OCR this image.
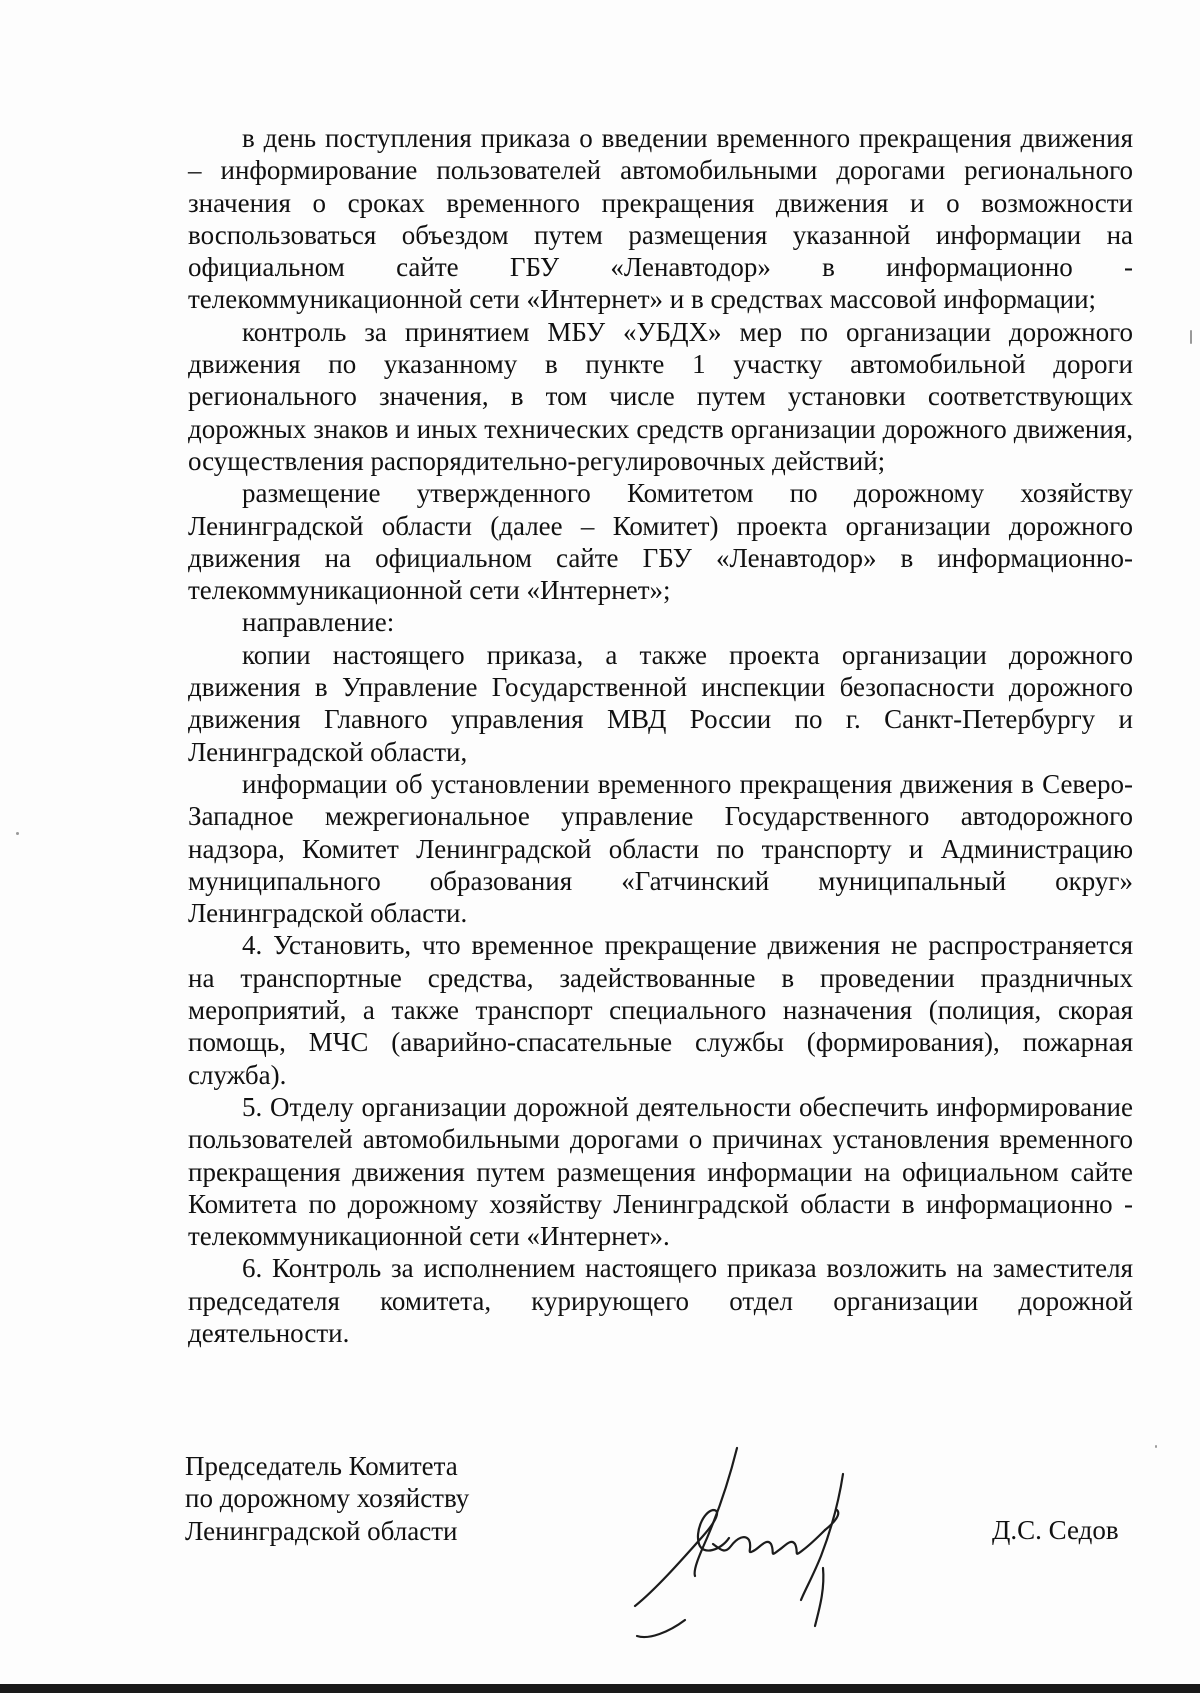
в день поступления приказа о введении временного прекращения движения – информирование пользователей автомобильными дорогами регионального значения о сроках временного прекращения движения и о возможности воспользоваться объездом путем размещения указанной информации на официальном сайте ГБУ «Ленавтодор» в информационно - телекоммуникационной сети «Интернет» и в средствах массовой информации;

контроль за принятием МБУ «УБДХ» мер по организации дорожного движения по указанному в пункте 1 участку автомобильной дороги регионального значения, в том числе путем установки соответствующих дорожных знаков и иных технических средств организации дорожного движения, осуществления распорядительно-регулировочных действий;

размещение утвержденного Комитетом по дорожному хозяйству Ленинградской области (далее – Комитет) проекта организации дорожного движения на официальном сайте ГБУ «Ленавтодор» в информационно-телекоммуникационной сети «Интернет»;

направление:

копии настоящего приказа, а также проекта организации дорожного движения в Управление Государственной инспекции безопасности дорожного движения Главного управления МВД России по г. Санкт-Петербургу и Ленинградской области,

информации об установлении временного прекращения движения в Северо-Западное межрегиональное управление Государственного автодорожного надзора, Комитет Ленинградской области по транспорту и Администрацию муниципального образования «Гатчинский муниципальный округ» Ленинградской области.

4. Установить, что временное прекращение движения не распространяется на транспортные средства, задействованные в проведении праздничных мероприятий, а также транспорт специального назначения (полиция, скорая помощь, МЧС (аварийно-спасательные службы (формирования), пожарная служба).

5. Отделу организации дорожной деятельности обеспечить информирование пользователей автомобильными дорогами о причинах установления временного прекращения движения путем размещения информации на официальном сайте Комитета по дорожному хозяйству Ленинградской области в информационно - телекоммуникационной сети «Интернет».

6. Контроль за исполнением настоящего приказа возложить на заместителя председателя комитета, курирующего отдел организации дорожной деятельности.

Председатель Комитета
по дорожному хозяйству
Ленинградской области	Д.С. Седов
